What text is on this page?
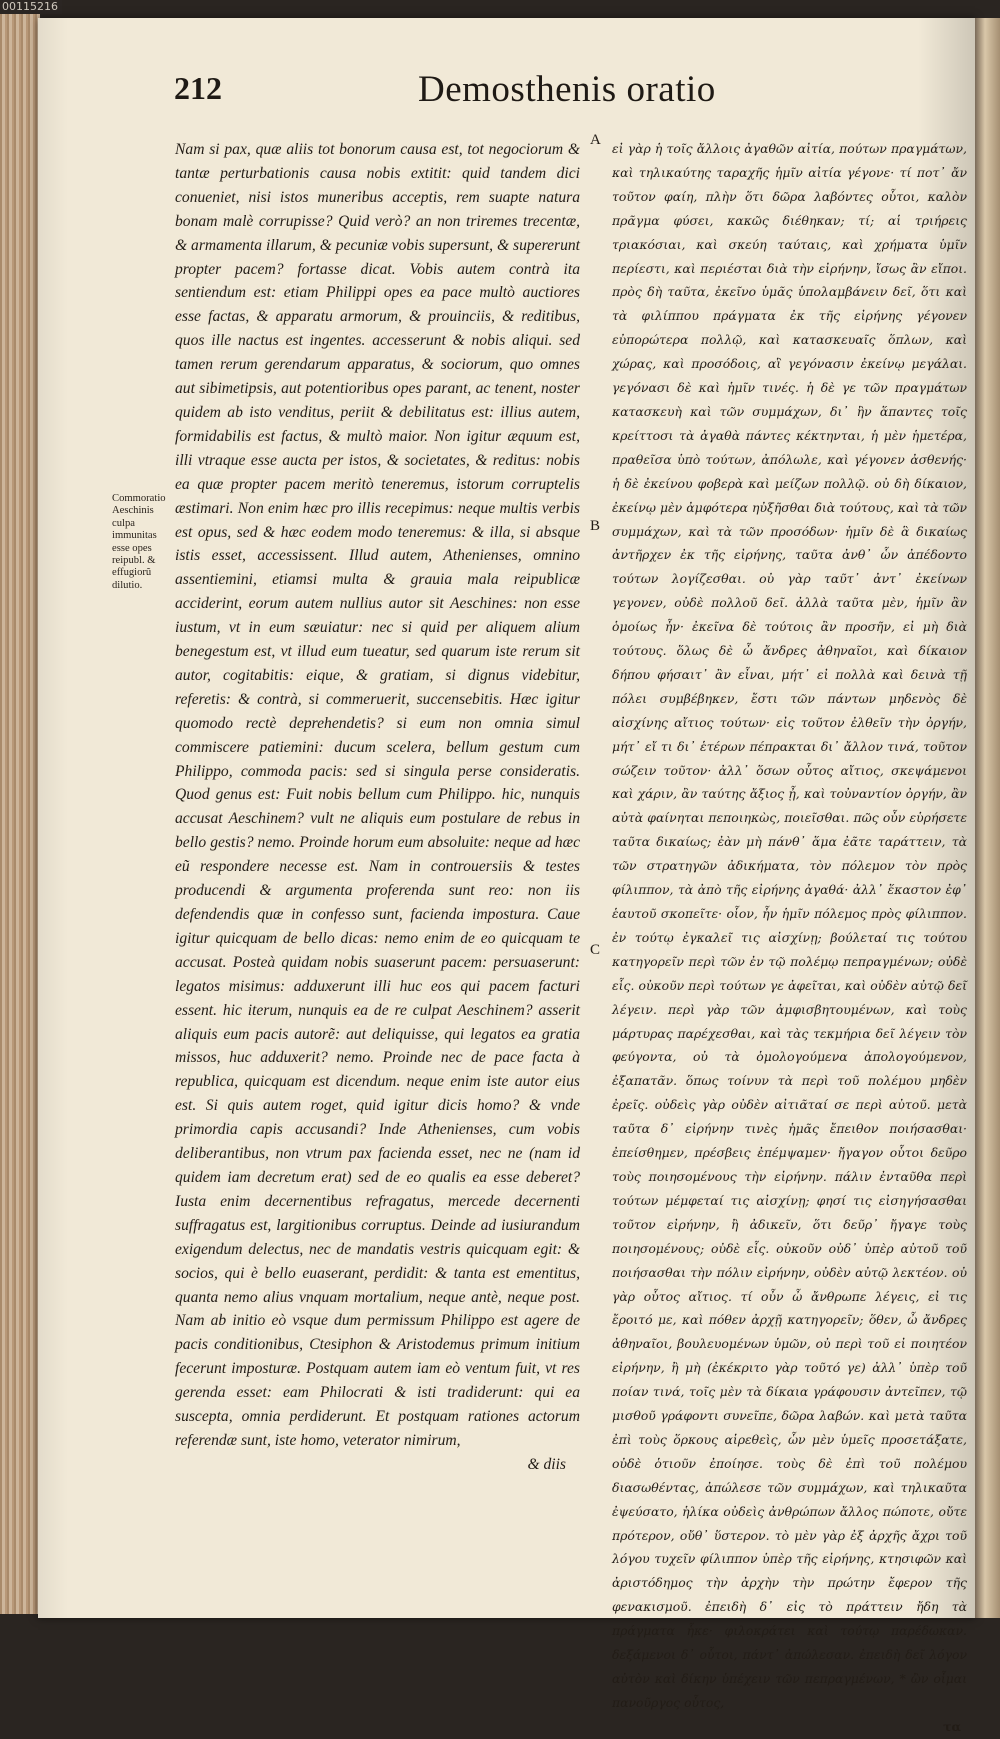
00115216
212	Demosthenis oratio
Commoratio Aeschinis culpa immunitas esse opes reipubl. & effugiorũ dilutio.
Nam si pax, quæ aliis tot bonorum causa est, tot negociorum & tantæ perturbationis causa nobis extitit: quid tandem dici conueniet, nisi istos muneribus acceptis, rem suapte natura bonam malè corrupisse? Quid verò? an non triremes trecentæ, & armamenta illarum, & pecuniæ vobis supersunt, & supererunt propter pacem? fortasse dicat. Vobis autem contrà ita sentiendum est: etiam Philippi opes ea pace multò auctiores esse factas, & apparatu armorum, & prouinciis, & reditibus, quos ille nactus est ingentes. accesserunt & nobis aliqui. sed tamen rerum gerendarum apparatus, & sociorum, quo omnes aut sibimetipsis, aut potentioribus opes parant, ac tenent, noster quidem ab isto venditus, periit & debilitatus est: illius autem, formidabilis est factus, & multò maior. Non igitur æquum est, illi vtraque esse aucta per istos, & societates, & reditus: nobis ea quæ propter pacem meritò teneremus, istorum corruptelis æstimari. Non enim hæc pro illis recepimus: neque multis verbis est opus, sed & hæc eodem modo teneremus: & illa, si absque istis esset, accessissent. Illud autem, Athenienses, omnino assentiemini, etiamsi multa & grauia mala reipublicæ acciderint, eorum autem nullius autor sit Aeschines: non esse iustum, vt in eum sæuiatur: nec si quid per aliquem alium benegestum est, vt illud eum tueatur, sed quarum iste rerum sit autor, cogitabitis: eique, & gratiam, si dignus videbitur, referetis: & contrà, si commeruerit, succensebitis. Hæc igitur quomodo rectè deprehendetis? si eum non omnia simul commiscere patiemini: ducum scelera, bellum gestum cum Philippo, commoda pacis: sed si singula perse consideratis. Quod genus est: Fuit nobis bellum cum Philippo. hic, nunquis accusat Aeschinem? vult ne aliquis eum postulare de rebus in bello gestis? nemo. Proinde horum eum absoluite: neque ad hæc eũ respondere necesse est. Nam in controuersiis & testes producendi & argumenta proferenda sunt reo: non iis defendendis quæ in confesso sunt, facienda impostura. Caue igitur quicquam de bello dicas: nemo enim de eo quicquam te accusat. Posteà quidam nobis suaserunt pacem: persuaserunt: legatos misimus: adduxerunt illi huc eos qui pacem facturi essent. hic iterum, nunquis ea de re culpat Aeschinem? asserit aliquis eum pacis autorẽ: aut deliquisse, qui legatos ea gratia missos, huc adduxerit? nemo. Proinde nec de pace facta à republica, quicquam est dicendum. neque enim iste autor eius est. Si quis autem roget, quid igitur dicis homo? & vnde primordia capis accusandi? Inde Athenienses, cum vobis deliberantibus, non vtrum pax facienda esset, nec ne (nam id quidem iam decretum erat) sed de eo qualis ea esse deberet? Iusta enim decernentibus refragatus, mercede decernenti suffragatus est, largitionibus corruptus. Deinde ad iusiurandum exigendum delectus, nec de mandatis vestris quicquam egit: & socios, qui è bello euaserant, perdidit: & tanta est ementitus, quanta nemo alius vnquam mortalium, neque antè, neque post. Nam ab initio eò vsque dum permissum Philippo est agere de pacis conditionibus, Ctesiphon & Aristodemus primum initium fecerunt imposturæ. Postquam autem iam eò ventum fuit, vt res gerenda esset: eam Philocrati & isti tradiderunt: qui ea suscepta, omnia perdiderunt. Et postquam rationes actorum referendæ sunt, iste homo, veterator nimirum,
& diis
A
B
C
εἰ γὰρ ἡ τοῖς ἄλλοις ἀγαθῶν αἰτία, πούτων πραγμάτων, καὶ τηλικαύτης ταραχῆς ἡμῖν αἰτία γέγονε· τί ποτ᾽ ἄν τοῦτον φαίη, πλὴν ὅτι δῶρα λαβόντες οὗτοι, καλὸν πρᾶγμα φύσει, κακῶς διέθηκαν; τί; αἱ τριήρεις τριακόσιαι, καὶ σκεύη ταύταις, καὶ χρήματα ὑμῖν περίεστι, καὶ περιέσται διὰ τὴν εἰρήνην, ἴσως ἂν εἴποι. πρὸς δὴ ταῦτα, ἐκεῖνο ὑμᾶς ὑπολαμβάνειν δεῖ, ὅτι καὶ τὰ φιλίππου πράγματα ἐκ τῆς εἰρήνης γέγονεν εὐπορώτερα πολλῷ, καὶ κατασκευαῖς ὅπλων, καὶ χώρας, καὶ προσόδοις, αἳ γεγόνασιν ἐκείνῳ μεγάλαι. γεγόνασι δὲ καὶ ἡμῖν τινές. ἡ δὲ γε τῶν πραγμάτων κατασκευὴ καὶ τῶν συμμάχων, δι᾽ ἣν ἅπαντες τοῖς κρείττοσι τὰ ἀγαθὰ πάντες κέκτηνται, ἡ μὲν ἡμετέρα, πραθεῖσα ὑπὸ τούτων, ἀπόλωλε, καὶ γέγονεν ἀσθενής· ἡ δὲ ἐκείνου φοβερὰ καὶ μείζων πολλῷ. οὐ δὴ δίκαιον, ἐκείνῳ μὲν ἀμφότερα ηὐξῆσθαι διὰ τούτους, καὶ τὰ τῶν συμμάχων, καὶ τὰ τῶν προσόδων· ἡμῖν δὲ ἃ δικαίως ἀντῆρχεν ἐκ τῆς εἰρήνης, ταῦτα ἀνθ᾽ ὧν ἀπέδοντο τούτων λογίζεσθαι. οὐ γὰρ ταῦτ᾽ ἀντ᾽ ἐκείνων γεγονεν, οὐδὲ πολλοῦ δεῖ. ἀλλὰ ταῦτα μὲν, ἡμῖν ἂν ὁμοίως ἦν· ἐκεῖνα δὲ τούτοις ἂν προσῆν, εἰ μὴ διὰ τούτους. ὅλως δὲ ὦ ἄνδρες ἀθηναῖοι, καὶ δίκαιον δήπου φήσαιτ᾽ ἂν εἶναι, μήτ᾽ εἰ πολλὰ καὶ δεινὰ τῇ πόλει συμβέβηκεν, ἔστι τῶν πάντων μηδενὸς δὲ αἰσχίνης αἴτιος τούτων· εἰς τοῦτον ἐλθεῖν τὴν ὀργήν, μήτ᾽ εἴ τι δι᾽ ἑτέρων πέπρακται δι᾽ ἄλλον τινά, τοῦτον σώζειν τοῦτον· ἀλλ᾽ ὅσων οὗτος αἴτιος, σκεψάμενοι καὶ χάριν, ἂν ταύτης ἄξιος ᾖ, καὶ τοὐναντίον ὀργήν, ἂν αὐτὰ φαίνηται πεποιηκὼς, ποιεῖσθαι. πῶς οὖν εὑρήσετε ταῦτα δικαίως; ἐὰν μὴ πάνθ᾽ ἅμα ἐᾶτε ταράττειν, τὰ τῶν στρατηγῶν ἀδικήματα, τὸν πόλεμον τὸν πρὸς φίλιππον, τὰ ἀπὸ τῆς εἰρήνης ἀγαθά· ἀλλ᾽ ἕκαστον ἐφ᾽ ἑαυτοῦ σκοπεῖτε· οἷον, ἦν ἡμῖν πόλεμος πρὸς φίλιππον. ἐν τούτῳ ἐγκαλεῖ τις αἰσχίνῃ; βούλεταί τις τούτου κατηγορεῖν περὶ τῶν ἐν τῷ πολέμῳ πεπραγμένων; οὐδὲ εἷς. οὐκοῦν περὶ τούτων γε ἀφεῖται, καὶ οὐδὲν αὐτῷ δεῖ λέγειν. περὶ γὰρ τῶν ἀμφισβητουμένων, καὶ τοὺς μάρτυρας παρέχεσθαι, καὶ τὰς τεκμήρια δεῖ λέγειν τὸν φεύγοντα, οὐ τὰ ὁμολογούμενα ἀπολογούμενον, ἐξαπατᾶν. ὅπως τοίνυν τὰ περὶ τοῦ πολέμου μηδὲν ἐρεῖς. οὐδεὶς γὰρ οὐδὲν αἰτιᾶταί σε περὶ αὐτοῦ. μετὰ ταῦτα δ᾽ εἰρήνην τινὲς ἡμᾶς ἔπειθον ποιήσασθαι· ἐπείσθημεν, πρέσβεις ἐπέμψαμεν· ἤγαγον οὗτοι δεῦρο τοὺς ποιησομένους τὴν εἰρήνην. πάλιν ἐνταῦθα περὶ τούτων μέμφεταί τις αἰσχίνῃ; φησί τις εἰσηγήσασθαι τοῦτον εἰρήνην, ἢ ἀδικεῖν, ὅτι δεῦρ᾽ ἤγαγε τοὺς ποιησομένους; οὐδὲ εἷς. οὐκοῦν οὐδ᾽ ὑπὲρ αὐτοῦ τοῦ ποιήσασθαι τὴν πόλιν εἰρήνην, οὐδὲν αὐτῷ λεκτέον. οὐ γὰρ οὗτος αἴτιος. τί οὖν ὦ ἄνθρωπε λέγεις, εἰ τις ἔροιτό με, καὶ πόθεν ἀρχῇ κατηγορεῖν; ὅθεν, ὦ ἄνδρες ἀθηναῖοι, βουλευομένων ὑμῶν, οὐ περὶ τοῦ εἰ ποιητέον εἰρήνην, ἢ μὴ (ἐκέκριτο γὰρ τοῦτό γε) ἀλλ᾽ ὑπὲρ τοῦ ποίαν τινά, τοῖς μὲν τὰ δίκαια γράφουσιν ἀντεῖπεν, τῷ μισθοῦ γράφοντι συνεῖπε, δῶρα λαβών. καὶ μετὰ ταῦτα ἐπὶ τοὺς ὅρκους αἱρεθεὶς, ὧν μὲν ὑμεῖς προσετάξατε, οὐδὲ ὁτιοῦν ἐποίησε. τοὺς δὲ ἐπὶ τοῦ πολέμου διασωθέντας, ἀπώλεσε τῶν συμμάχων, καὶ τηλικαῦτα ἐψεύσατο, ἡλίκα οὐδεὶς ἀνθρώπων ἄλλος πώποτε, οὔτε πρότερον, οὔθ᾽ ὕστερον. τὸ μὲν γὰρ ἐξ ἀρχῆς ἄχρι τοῦ λόγου τυχεῖν φίλιππον ὑπὲρ τῆς εἰρήνης, κτησιφῶν καὶ ἀριστόδημος τὴν ἀρχὴν τὴν πρώτην ἔφερον τῆς φενακισμοῦ. ἐπειδὴ δ᾽ εἰς τὸ πράττειν ἤδη τὰ πράγματα ἧκε· φιλοκράτει καὶ τούτῳ παρέδωκαν. δεξάμενοι δ᾽ οὗτοι, πάντ᾽ ἀπώλεσαν. ἐπειδὴ δεῖ λόγον αὐτὸν καὶ δίκην ὑπέχειν τῶν πεπραγμένων, * ὢν οἶμαι πανοῦργος οὗτος,
τα
